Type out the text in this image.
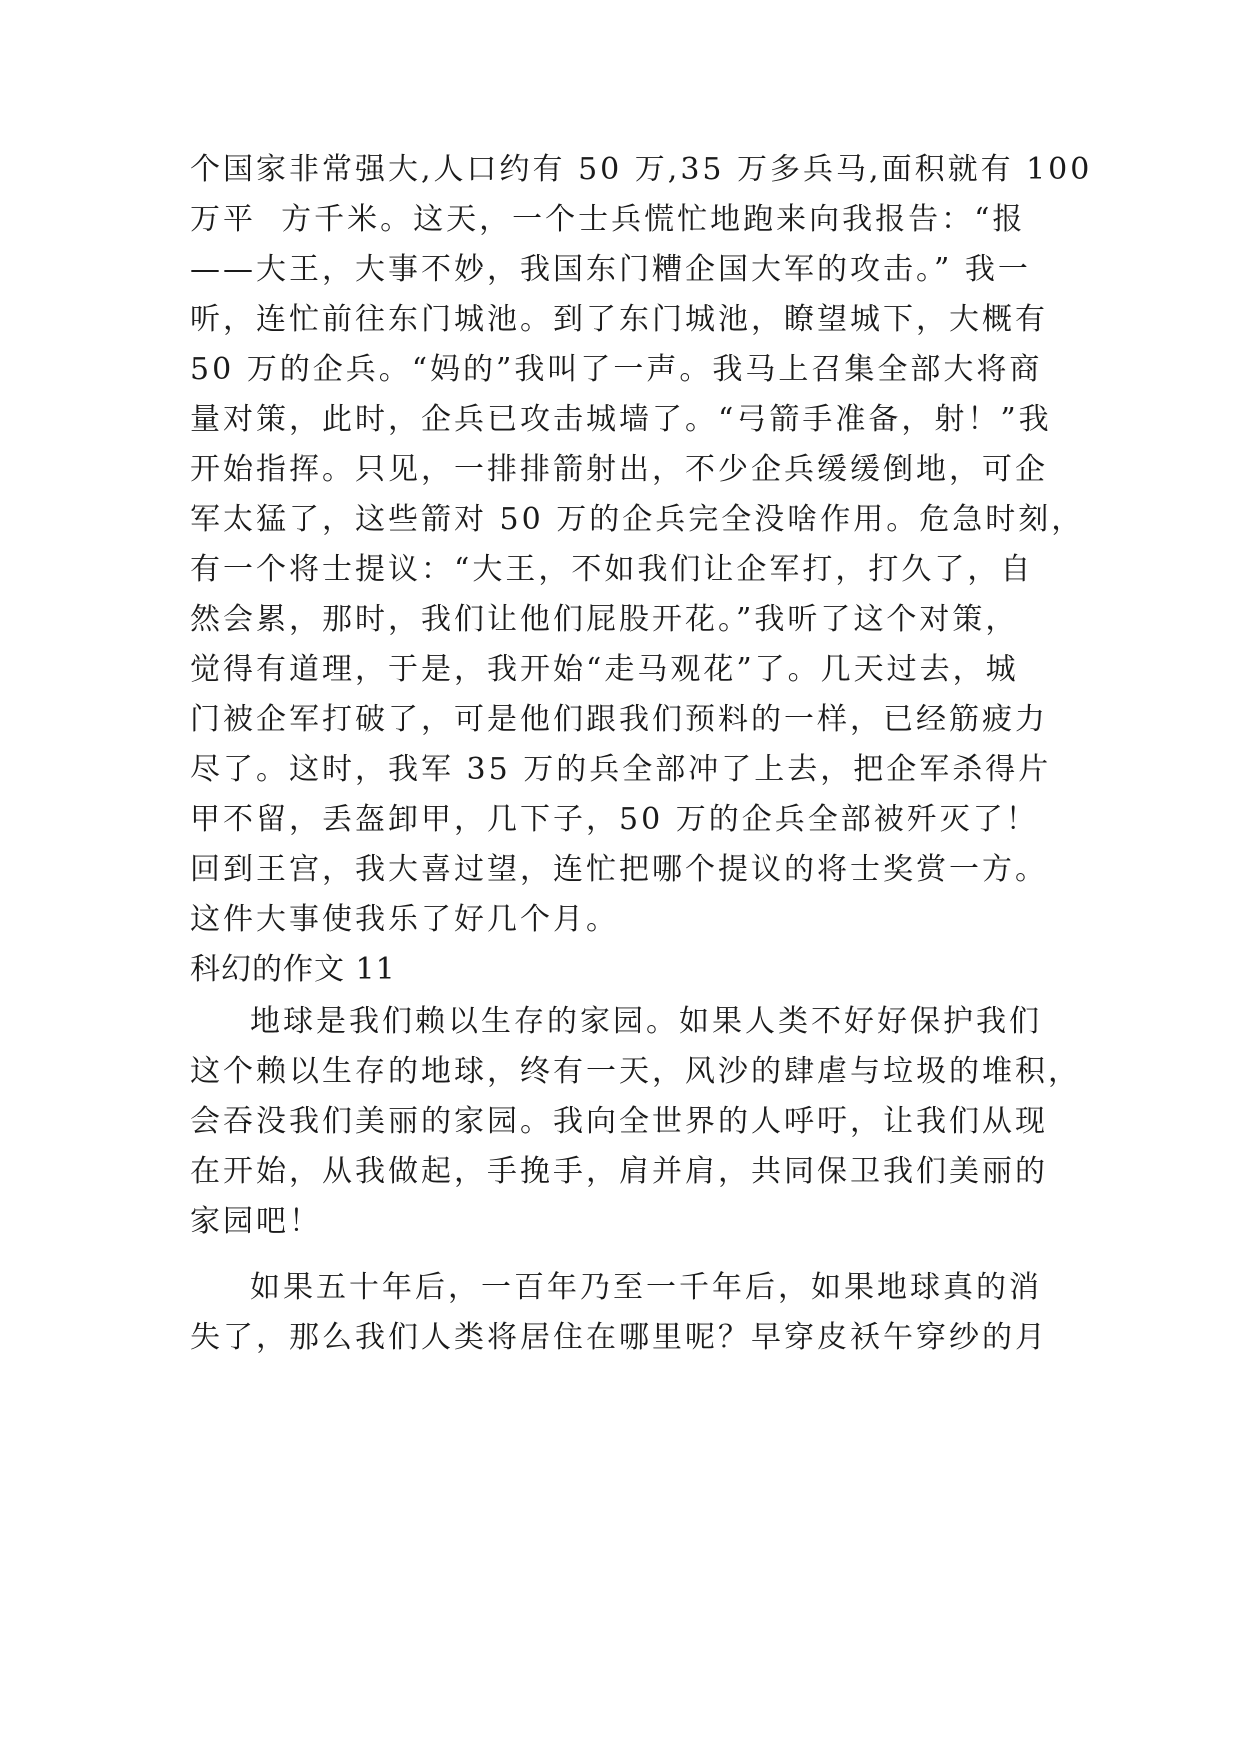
个国家非常强大,人口约有 50 万,35 万多兵马,面积就有 100
万平  方千米。这天，一个士兵慌忙地跑来向我报告：“报
——大王，大事不妙，我国东门糟企国大军的攻击。” 我一
听，连忙前往东门城池。到了东门城池，瞭望城下，大概有
50 万的企兵。“妈的”我叫了一声。我马上召集全部大将商
量对策，此时，企兵已攻击城墙了。“弓箭手准备，射！”我
开始指挥。只见，一排排箭射出，不少企兵缓缓倒地，可企
军太猛了，这些箭对 50 万的企兵完全没啥作用。危急时刻，
有一个将士提议：“大王，不如我们让企军打，打久了，自
然会累，那时，我们让他们屁股开花。”我听了这个对策，
觉得有道理，于是，我开始“走马观花”了。几天过去，城
门被企军打破了，可是他们跟我们预料的一样，已经筋疲力
尽了。这时，我军 35 万的兵全部冲了上去，把企军杀得片
甲不留，丢盔卸甲，几下子，50 万的企兵全部被歼灭了！
回到王宫，我大喜过望，连忙把哪个提议的将士奖赏一方。
这件大事使我乐了好几个月。
科幻的作文 11
地球是我们赖以生存的家园。如果人类不好好保护我们
这个赖以生存的地球，终有一天，风沙的肆虐与垃圾的堆积，
会吞没我们美丽的家园。我向全世界的人呼吁，让我们从现
在开始，从我做起，手挽手，肩并肩，共同保卫我们美丽的
家园吧！
如果五十年后，一百年乃至一千年后，如果地球真的消
失了，那么我们人类将居住在哪里呢？早穿皮袄午穿纱的月
